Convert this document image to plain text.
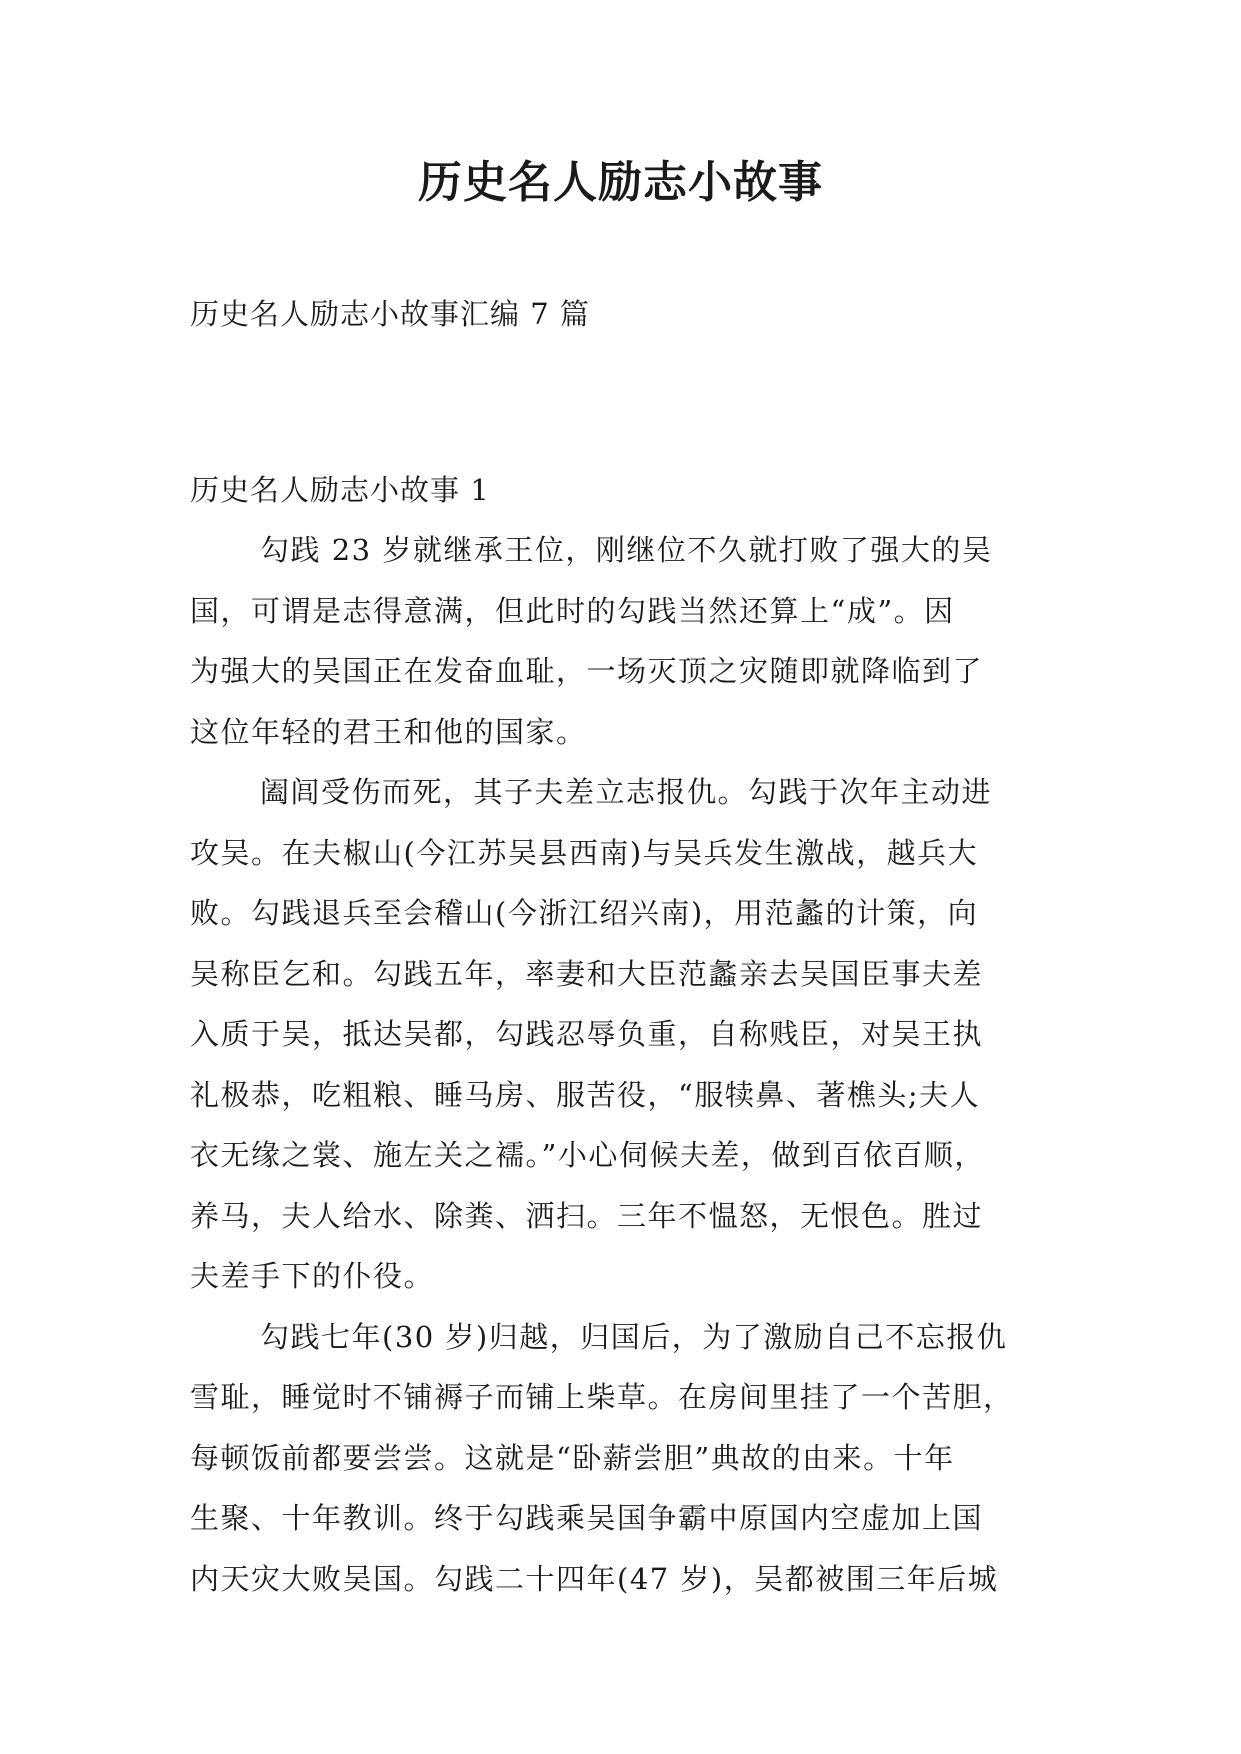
历史名人励志小故事

历史名人励志小故事汇编 7 篇

历史名人励志小故事 1

勾践 23 岁就继承王位，刚继位不久就打败了强大的吴
国，可谓是志得意满，但此时的勾践当然还算上“成”。因
为强大的吴国正在发奋血耻，一场灭顶之灾随即就降临到了
这位年轻的君王和他的国家。
阖闾受伤而死，其子夫差立志报仇。勾践于次年主动进
攻吴。在夫椒山(今江苏吴县西南)与吴兵发生激战，越兵大
败。勾践退兵至会稽山(今浙江绍兴南)，用范蠡的计策，向
吴称臣乞和。勾践五年，率妻和大臣范蠡亲去吴国臣事夫差
入质于吴，抵达吴都，勾践忍辱负重，自称贱臣，对吴王执
礼极恭，吃粗粮、睡马房、服苦役，“服犊鼻、著樵头;夫人
衣无缘之裳、施左关之襦。”小心伺候夫差，做到百依百顺，
养马，夫人给水、除粪、洒扫。三年不愠怒，无恨色。胜过
夫差手下的仆役。
勾践七年(30 岁)归越，归国后，为了激励自己不忘报仇
雪耻，睡觉时不铺褥子而铺上柴草。在房间里挂了一个苦胆，
每顿饭前都要尝尝。这就是“卧薪尝胆”典故的由来。十年
生聚、十年教训。终于勾践乘吴国争霸中原国内空虚加上国
内天灾大败吴国。勾践二十四年(47 岁)，吴都被围三年后城
